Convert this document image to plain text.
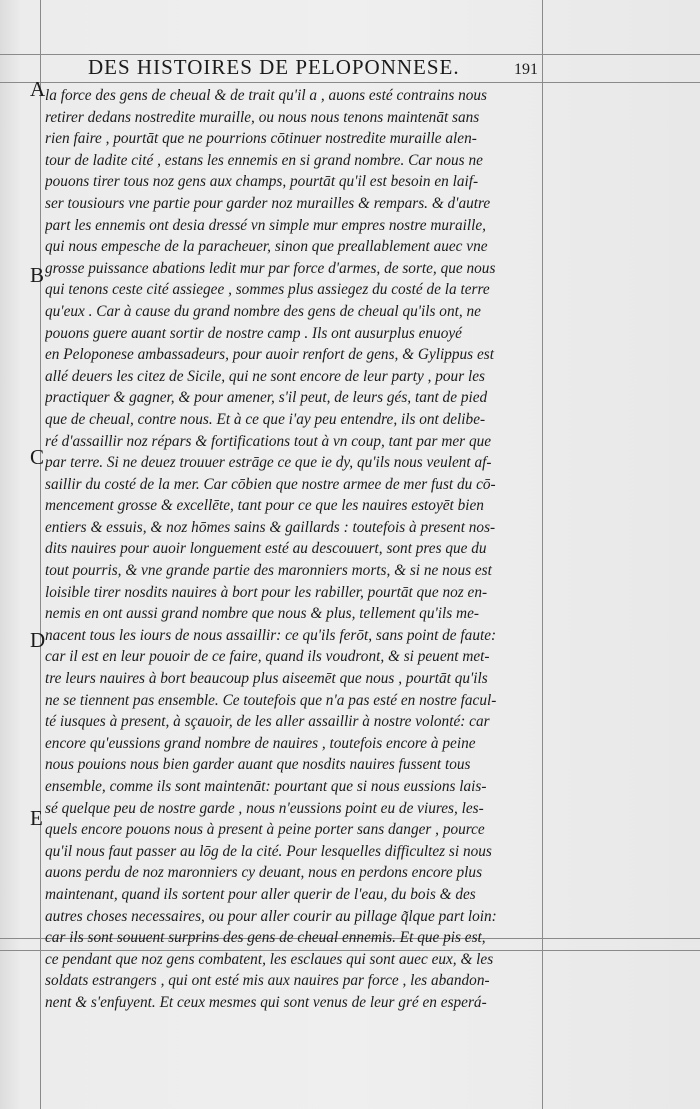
DES HISTOIRES DE PELOPONNESE.	191
A
B
C
D
E
la force des gens de cheual & de trait qu'il a , auons esté contrains nous
retirer dedans nostredite muraille, ou nous nous tenons maintenāt sans
rien faire , pourtāt que ne pourrions cōtinuer nostredite muraille alen-
tour de ladite cité , estans les ennemis en si grand nombre. Car nous ne
pouons tirer tous noz gens aux champs, pourtāt qu'il est besoin en laif-
ser tousiours vne partie pour garder noz murailles & rempars. & d'autre
part les ennemis ont desia dressé vn simple mur empres nostre muraille,
qui nous empesche de la paracheuer, sinon que preallablement auec vne
grosse puissance abations ledit mur par force d'armes, de sorte, que nous
qui tenons ceste cité assiegee , sommes plus assiegez du costé de la terre
qu'eux . Car à cause du grand nombre des gens de cheual qu'ils ont, ne
pouons guere auant sortir de nostre camp . Ils ont ausurplus enuoyé
en Peloponese ambassadeurs, pour auoir renfort de gens, & Gylippus est
allé deuers les citez de Sicile, qui ne sont encore de leur party , pour les
practiquer & gagner, & pour amener, s'il peut, de leurs gés, tant de pied
que de cheual, contre nous. Et à ce que i'ay peu entendre, ils ont delibe-
ré d'assaillir noz répars & fortifications tout à vn coup, tant par mer que
par terre. Si ne deuez trouuer estrāge ce que ie dy, qu'ils nous veulent af-
saillir du costé de la mer. Car cōbien que nostre armee de mer fust du cō-
mencement grosse & excellēte, tant pour ce que les nauires estoyēt bien
entiers & essuis, & noz hōmes sains & gaillards : toutefois à present nos-
dits nauires pour auoir longuement esté au descouuert, sont pres que du
tout pourris, & vne grande partie des maronniers morts, & si ne nous est
loisible tirer nosdits nauires à bort pour les rabiller, pourtāt que noz en-
nemis en ont aussi grand nombre que nous & plus, tellement qu'ils me-
nacent tous les iours de nous assaillir: ce qu'ils ferōt, sans point de faute:
car il est en leur pouoir de ce faire, quand ils voudront, & si peuent met-
tre leurs nauires à bort beaucoup plus aiseemēt que nous , pourtāt qu'ils
ne se tiennent pas ensemble. Ce toutefois que n'a pas esté en nostre facul-
té iusques à present, à sçauoir, de les aller assaillir à nostre volonté: car
encore qu'eussions grand nombre de nauires , toutefois encore à peine
nous pouions nous bien garder auant que nosdits nauires fussent tous
ensemble, comme ils sont maintenāt: pourtant que si nous eussions lais-
sé quelque peu de nostre garde , nous n'eussions point eu de viures, les-
quels encore pouons nous à present à peine porter sans danger , pource
qu'il nous faut passer au lōg de la cité. Pour lesquelles difficultez si nous
auons perdu de noz maronniers cy deuant, nous en perdons encore plus
maintenant, quand ils sortent pour aller querir de l'eau, du bois & des
autres choses necessaires, ou pour aller courir au pillage q̃lque part loin:
car ils sont souuent surprins des gens de cheual ennemis. Et que pis est,
ce pendant que noz gens combatent, les esclaues qui sont auec eux, & les
soldats estrangers , qui ont esté mis aux nauires par force , les abandon-
nent & s'enfuyent. Et ceux mesmes qui sont venus de leur gré en esperá-
